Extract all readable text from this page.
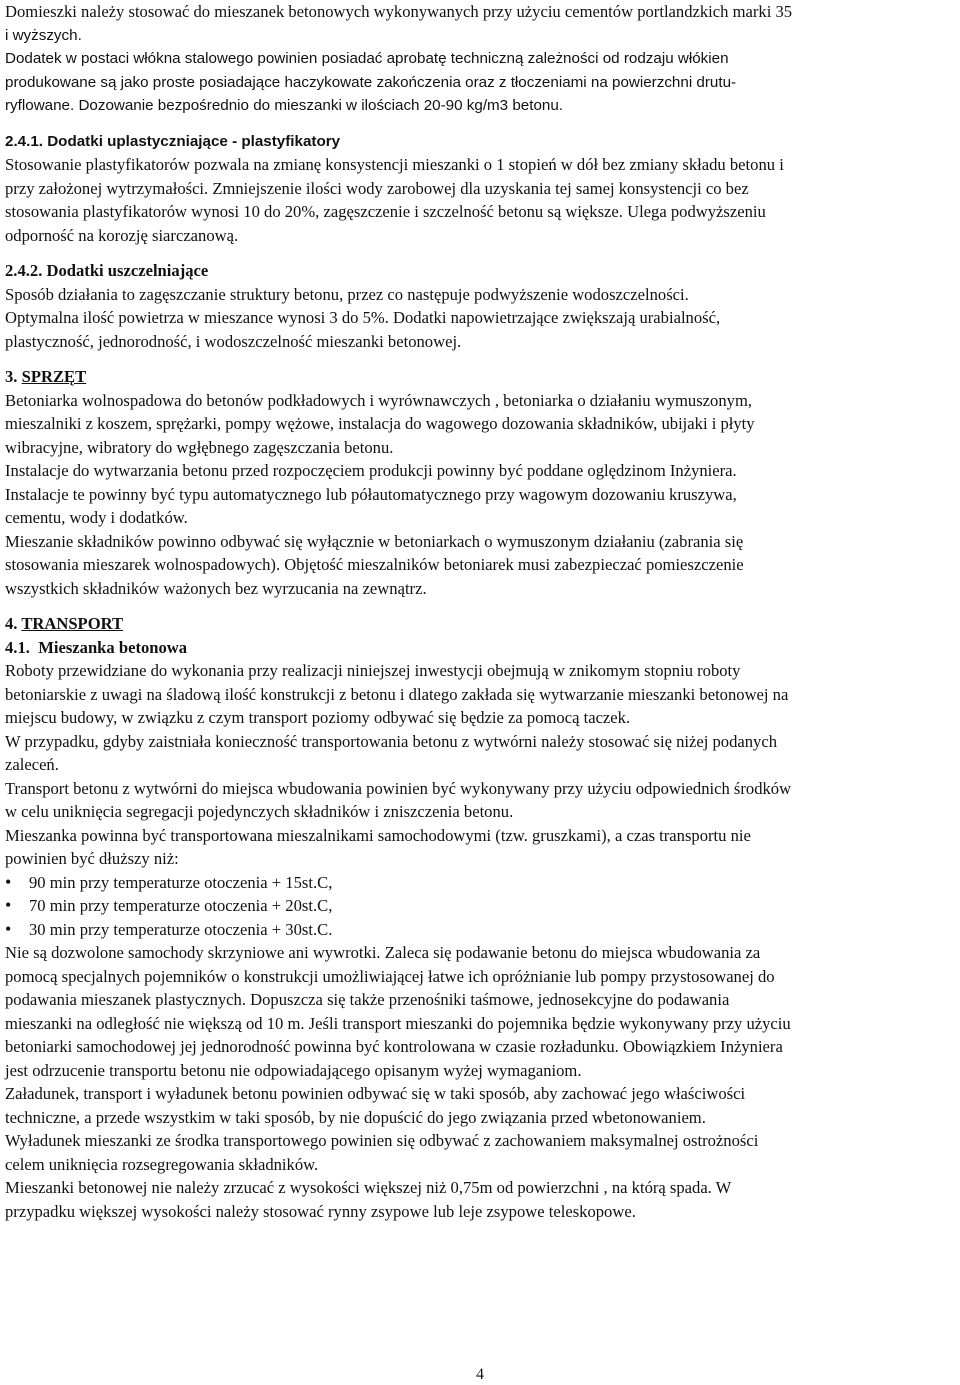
Domieszki należy stosować do mieszanek betonowych wykonywanych przy użyciu cementów portlandzkich marki 35

i wyższych.

Dodatek w postaci włókna stalowego powinien posiadać aprobatę techniczną zależności od rodzaju włókien

produkowane są jako proste posiadające haczykowate zakończenia oraz z tłoczeniami na powierzchni drutu-

ryflowane. Dozowanie bezpośrednio do mieszanki w ilościach 20-90 kg/m3 betonu.

2.4.1. Dodatki uplastyczniające - plastyfikatory

Stosowanie plastyfikatorów pozwala na zmianę konsystencji mieszanki o 1 stopień w dół bez zmiany składu betonu i

przy założonej wytrzymałości. Zmniejszenie ilości wody zarobowej dla uzyskania tej samej konsystencji co bez

stosowania plastyfikatorów wynosi 10 do 20%, zagęszczenie i szczelność betonu są większe. Ulega podwyższeniu

odporność na korozję siarczanową.

2.4.2. Dodatki uszczelniające

Sposób działania to zagęszczanie struktury betonu, przez co następuje podwyższenie wodoszczelności.

Optymalna ilość powietrza w mieszance wynosi 3 do 5%. Dodatki napowietrzające zwiększają urabialność,

plastyczność, jednorodność, i wodoszczelność mieszanki betonowej.

3. SPRZĘT

Betoniarka wolnospadowa do betonów podkładowych i wyrównawczych , betoniarka o działaniu wymuszonym,

mieszalniki z koszem, sprężarki, pompy wężowe, instalacja do wagowego dozowania składników, ubijaki i płyty

wibracyjne, wibratory do wgłębnego zagęszczania betonu.

Instalacje do wytwarzania betonu przed rozpoczęciem produkcji powinny być poddane oględzinom Inżyniera.

Instalacje te powinny być typu automatycznego lub półautomatycznego przy wagowym dozowaniu kruszywa,

cementu, wody i dodatków.

Mieszanie składników powinno odbywać się wyłącznie w betoniarkach o wymuszonym działaniu (zabrania się

stosowania mieszarek wolnospadowych). Objętość mieszalników betoniarek musi zabezpieczać pomieszczenie

wszystkich składników ważonych bez wyrzucania na zewnątrz.

4. TRANSPORT

4.1.  Mieszanka betonowa

Roboty przewidziane do wykonania przy realizacji niniejszej inwestycji obejmują w znikomym stopniu roboty

betoniarskie z uwagi na śladową ilość konstrukcji z betonu i dlatego zakłada się wytwarzanie mieszanki betonowej na

miejscu budowy, w związku z czym transport poziomy odbywać się będzie za pomocą taczek.

W przypadku, gdyby zaistniała konieczność transportowania betonu z wytwórni należy stosować się niżej podanych

zaleceń.

Transport betonu z wytwórni do miejsca wbudowania powinien być wykonywany przy użyciu odpowiednich środków

w celu uniknięcia segregacji pojedynczych składników i zniszczenia betonu.

Mieszanka powinna być transportowana mieszalnikami samochodowymi (tzw. gruszkami), a czas transportu nie

powinien być dłuższy niż:

• 90 min przy temperaturze otoczenia + 15st.C,

• 70 min przy temperaturze otoczenia + 20st.C,

• 30 min przy temperaturze otoczenia + 30st.C.

Nie są dozwolone samochody skrzyniowe ani wywrotki. Zaleca się podawanie betonu do miejsca wbudowania za

pomocą specjalnych pojemników o konstrukcji umożliwiającej łatwe ich opróżnianie lub pompy przystosowanej do

podawania mieszanek plastycznych. Dopuszcza się także przenośniki taśmowe, jednosekcyjne do podawania

mieszanki na odległość nie większą od 10 m. Jeśli transport mieszanki do pojemnika będzie wykonywany przy użyciu

betoniarki samochodowej jej jednorodność powinna być kontrolowana w czasie rozładunku. Obowiązkiem Inżyniera

jest odrzucenie transportu betonu nie odpowiadającego opisanym wyżej wymaganiom.

Załadunek, transport i wyładunek betonu powinien odbywać się w taki sposób, aby zachować jego właściwości

techniczne, a przede wszystkim w taki sposób, by nie dopuścić do jego związania przed wbetonowaniem.

Wyładunek mieszanki ze środka transportowego powinien się odbywać z zachowaniem maksymalnej ostrożności

celem uniknięcia rozsegregowania składników.

Mieszanki betonowej nie należy zrzucać z wysokości większej niż 0,75m od powierzchni , na którą spada. W

przypadku większej wysokości należy stosować rynny zsypowe lub leje zsypowe teleskopowe.

4
